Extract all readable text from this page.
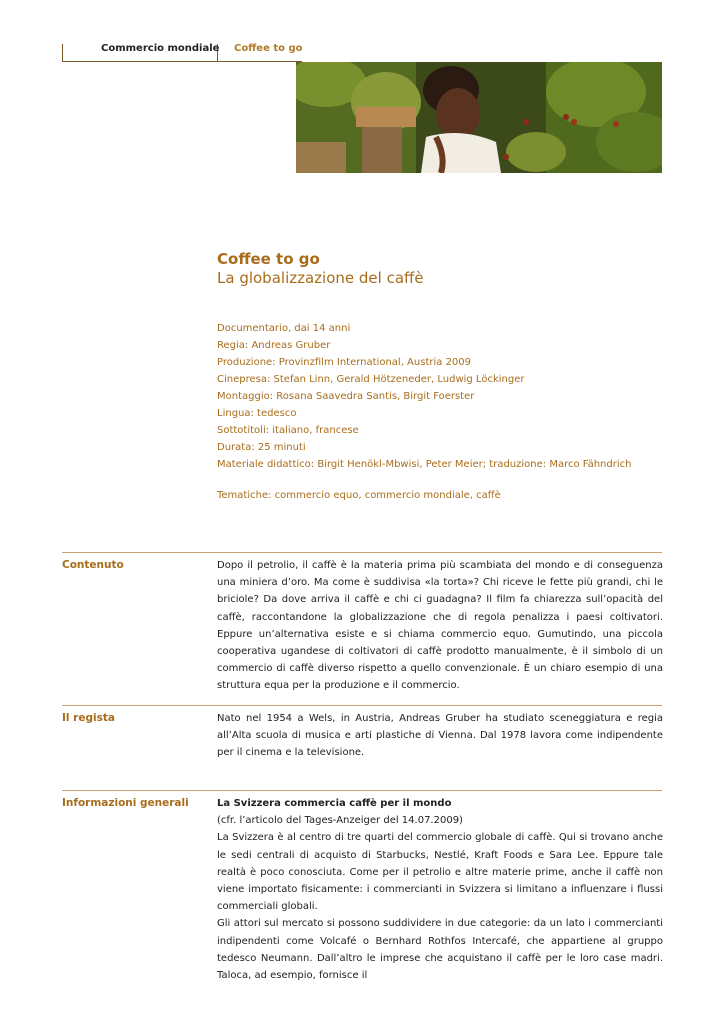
Commercio mondiale Coffee to go

Coffee to go

La globalizzazione del caffè

Documentario, dai 14 anni
Regia: Andreas Gruber
Produzione: Provinzfilm International, Austria 2009
Cinepresa: Stefan Linn, Gerald Hötzeneder, Ludwig Löckinger
Montaggio: Rosana Saavedra Santis, Birgit Foerster
Lingua: tedesco
Sottotitoli: italiano, francese
Durata: 25 minuti
Materiale didattico: Birgit Henökl-Mbwisi, Peter Meier; traduzione: Marco Fähndrich
Tematiche: commercio equo, commercio mondiale, caffè
Contenuto	Dopo il petrolio, il caffè è la materia prima più scambiata del mondo e di conseguenza una miniera d’oro. Ma come è suddivisa «la torta»? Chi riceve le fette più grandi, chi le briciole? Da dove arriva il caffè e chi ci guadagna? Il film fa chiarezza sull’opacità del caffè, raccontandone la globalizzazione che di regola penalizza i paesi coltivatori. Eppure un’alternativa esiste e si chiama commercio equo. Gumutindo, una piccola cooperativa ugandese di coltivatori di caffè prodotto manualmente, è il simbolo di un commercio di caffè diverso rispetto a quello convenzionale. È un chiaro esempio di una struttura equa per la produzione e il commercio.

Il regista	Nato nel 1954 a Wels, in Austria, Andreas Gruber ha studiato sceneggiatura e regia all’Alta scuola di musica e arti plastiche di Vienna. Dal 1978 lavora come indipendente per il cinema e la televisione.

Informazioni generali	La Svizzera commercia caffè per il mondo

(cfr. l’articolo del Tages-Anzeiger del 14.07.2009)

La Svizzera è al centro di tre quarti del commercio globale di caffè. Qui si trovano anche le sedi centrali di acquisto di Starbucks, Nestlé, Kraft Foods e Sara Lee. Eppure tale realtà è poco conosciuta. Come per il petrolio e altre materie prime, anche il caffè non viene importato fisicamente: i commercianti in Svizzera si limitano a influenzare i flussi commerciali globali.

Gli attori sul mercato si possono suddividere in due categorie: da un lato i commercianti indipendenti come Volcafé o Bernhard Rothfos Intercafé, che appartiene al gruppo tedesco Neumann. Dall’altro le imprese che acquistano il caffè per le loro case madri. Taloca, ad esempio, fornisce il
